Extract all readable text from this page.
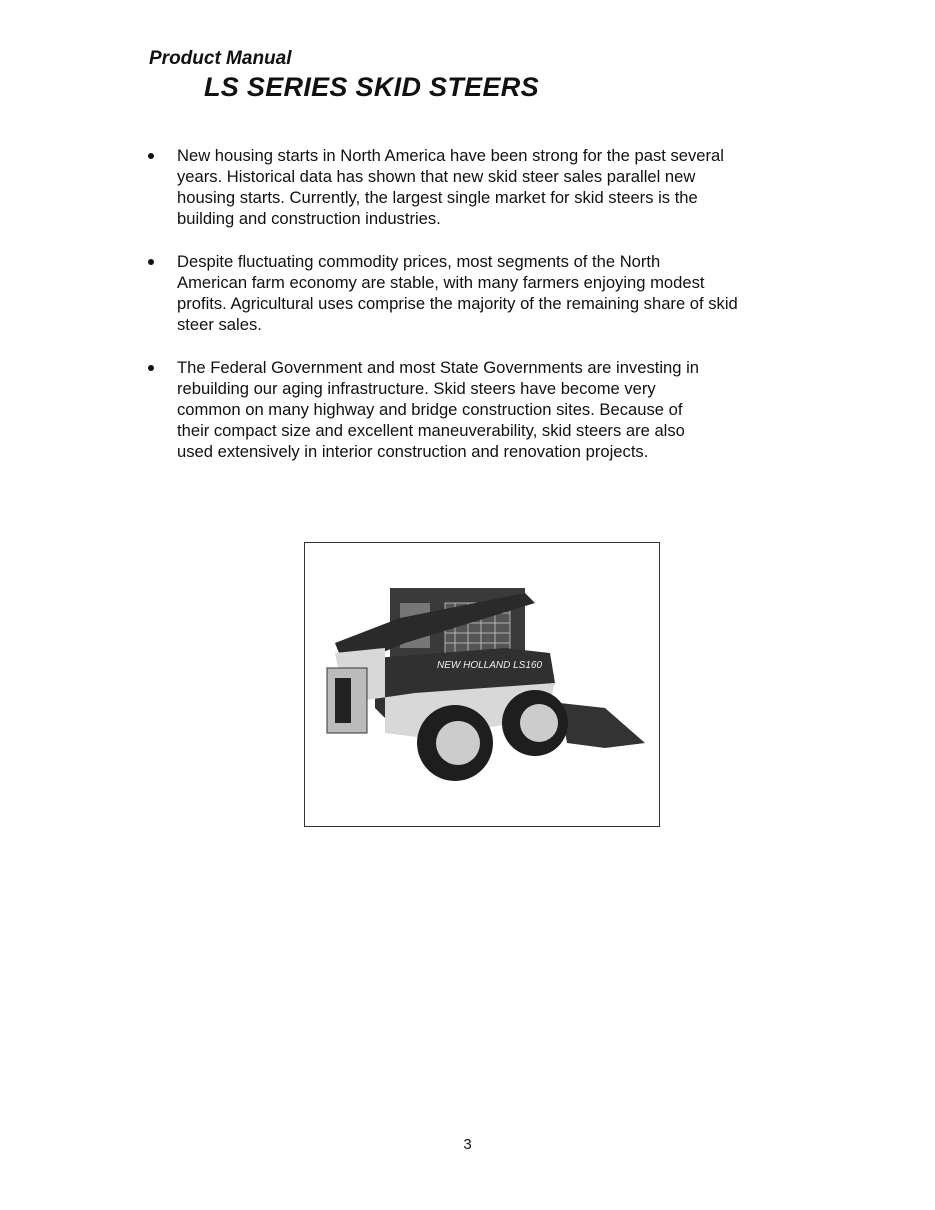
Product Manual
LS SERIES SKID STEERS
New housing starts in North America have been strong for the past several
years. Historical data has shown that new skid steer sales parallel new
housing starts. Currently, the largest single market for skid steers is the
building and construction industries.
Despite fluctuating commodity prices, most segments of the North
American farm economy are stable, with many farmers enjoying modest
profits. Agricultural uses comprise the majority of the remaining share of skid
steer sales.
The Federal Government and most State Governments are investing in
rebuilding our aging infrastructure. Skid steers have become very
common on many highway and bridge construction sites. Because of
their compact size and excellent maneuverability, skid steers are also
used extensively in interior construction and renovation projects.
NEW HOLLAND LS160
3
